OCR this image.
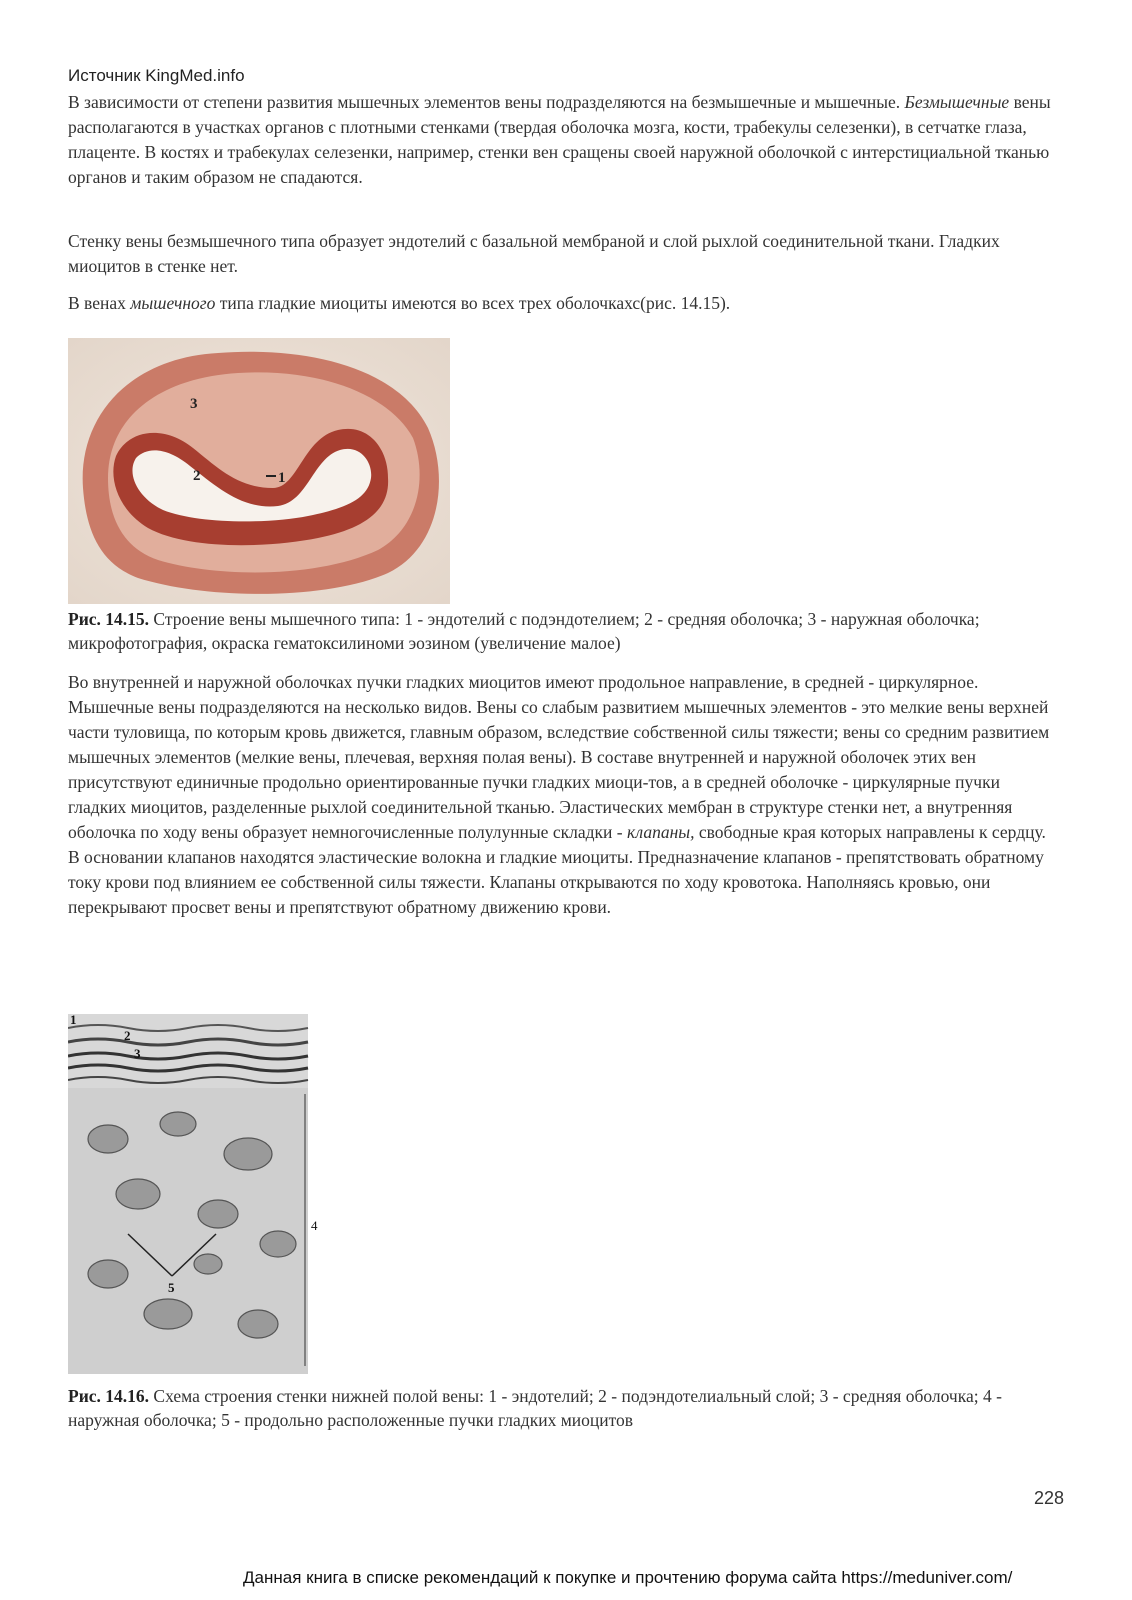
Источник KingMed.info

В зависимости от степени развития мышечных элементов вены подразделяются на безмышечные и мышечные. Безмышечные вены располагаются в участках органов с плотными стенками (твердая оболочка мозга, кости, трабекулы селезенки), в сетчатке глаза, плаценте. В костях и трабекулах селезенки, например, стенки вен сращены своей наружной оболочкой с интерстициальной тканью органов и таким образом не спадаются.

Стенку вены безмышечного типа образует эндотелий с базальной мембраной и слой рыхлой соединительной ткани. Гладких миоцитов в стенке нет.

В венах мышечного типа гладкие миоциты имеются во всех трех оболочкахс(рис. 14.15).

3
2	1

Рис. 14.15. Строение вены мышечного типа: 1 - эндотелий с подэндотелием; 2 - средняя оболочка; 3 - наружная оболочка; микрофотография, окраска гематоксилиноми эозином (увеличение малое)

Во внутренней и наружной оболочках пучки гладких миоцитов имеют продольное направление, в средней - циркулярное. Мышечные вены подразделяются на несколько видов. Вены со слабым развитием мышечных элементов - это мелкие вены верхней части туловища, по которым кровь движется, главным образом, вследствие собственной силы тяжести; вены со средним развитием мышечных элементов (мелкие вены, плечевая, верхняя полая вены). В составе внутренней и наружной оболочек этих вен присутствуют единичные продольно ориентированные пучки гладких миоци-тов, а в средней оболочке - циркулярные пучки гладких миоцитов, разделенные рыхлой соединительной тканью. Эластических мембран в структуре стенки нет, а внутренняя оболочка по ходу вены образует немногочисленные полулунные складки - клапаны, свободные края которых направлены к сердцу. В основании клапанов находятся эластические волокна и гладкие миоциты. Предназначение клапанов - препятствовать обратному току крови под влиянием ее собственной силы тяжести. Клапаны открываются по ходу кровотока. Наполняясь кровью, они перекрывают просвет вены и препятствуют обратному движению крови.

1
2
3
4
5

Рис. 14.16. Схема строения стенки нижней полой вены: 1 - эндотелий; 2 - подэндотелиальный слой; 3 - средняя оболочка; 4 - наружная оболочка; 5 - продольно расположенные пучки гладких миоцитов

228
Данная книга в списке рекомендаций к покупке и прочтению форума сайта https://meduniver.com/
